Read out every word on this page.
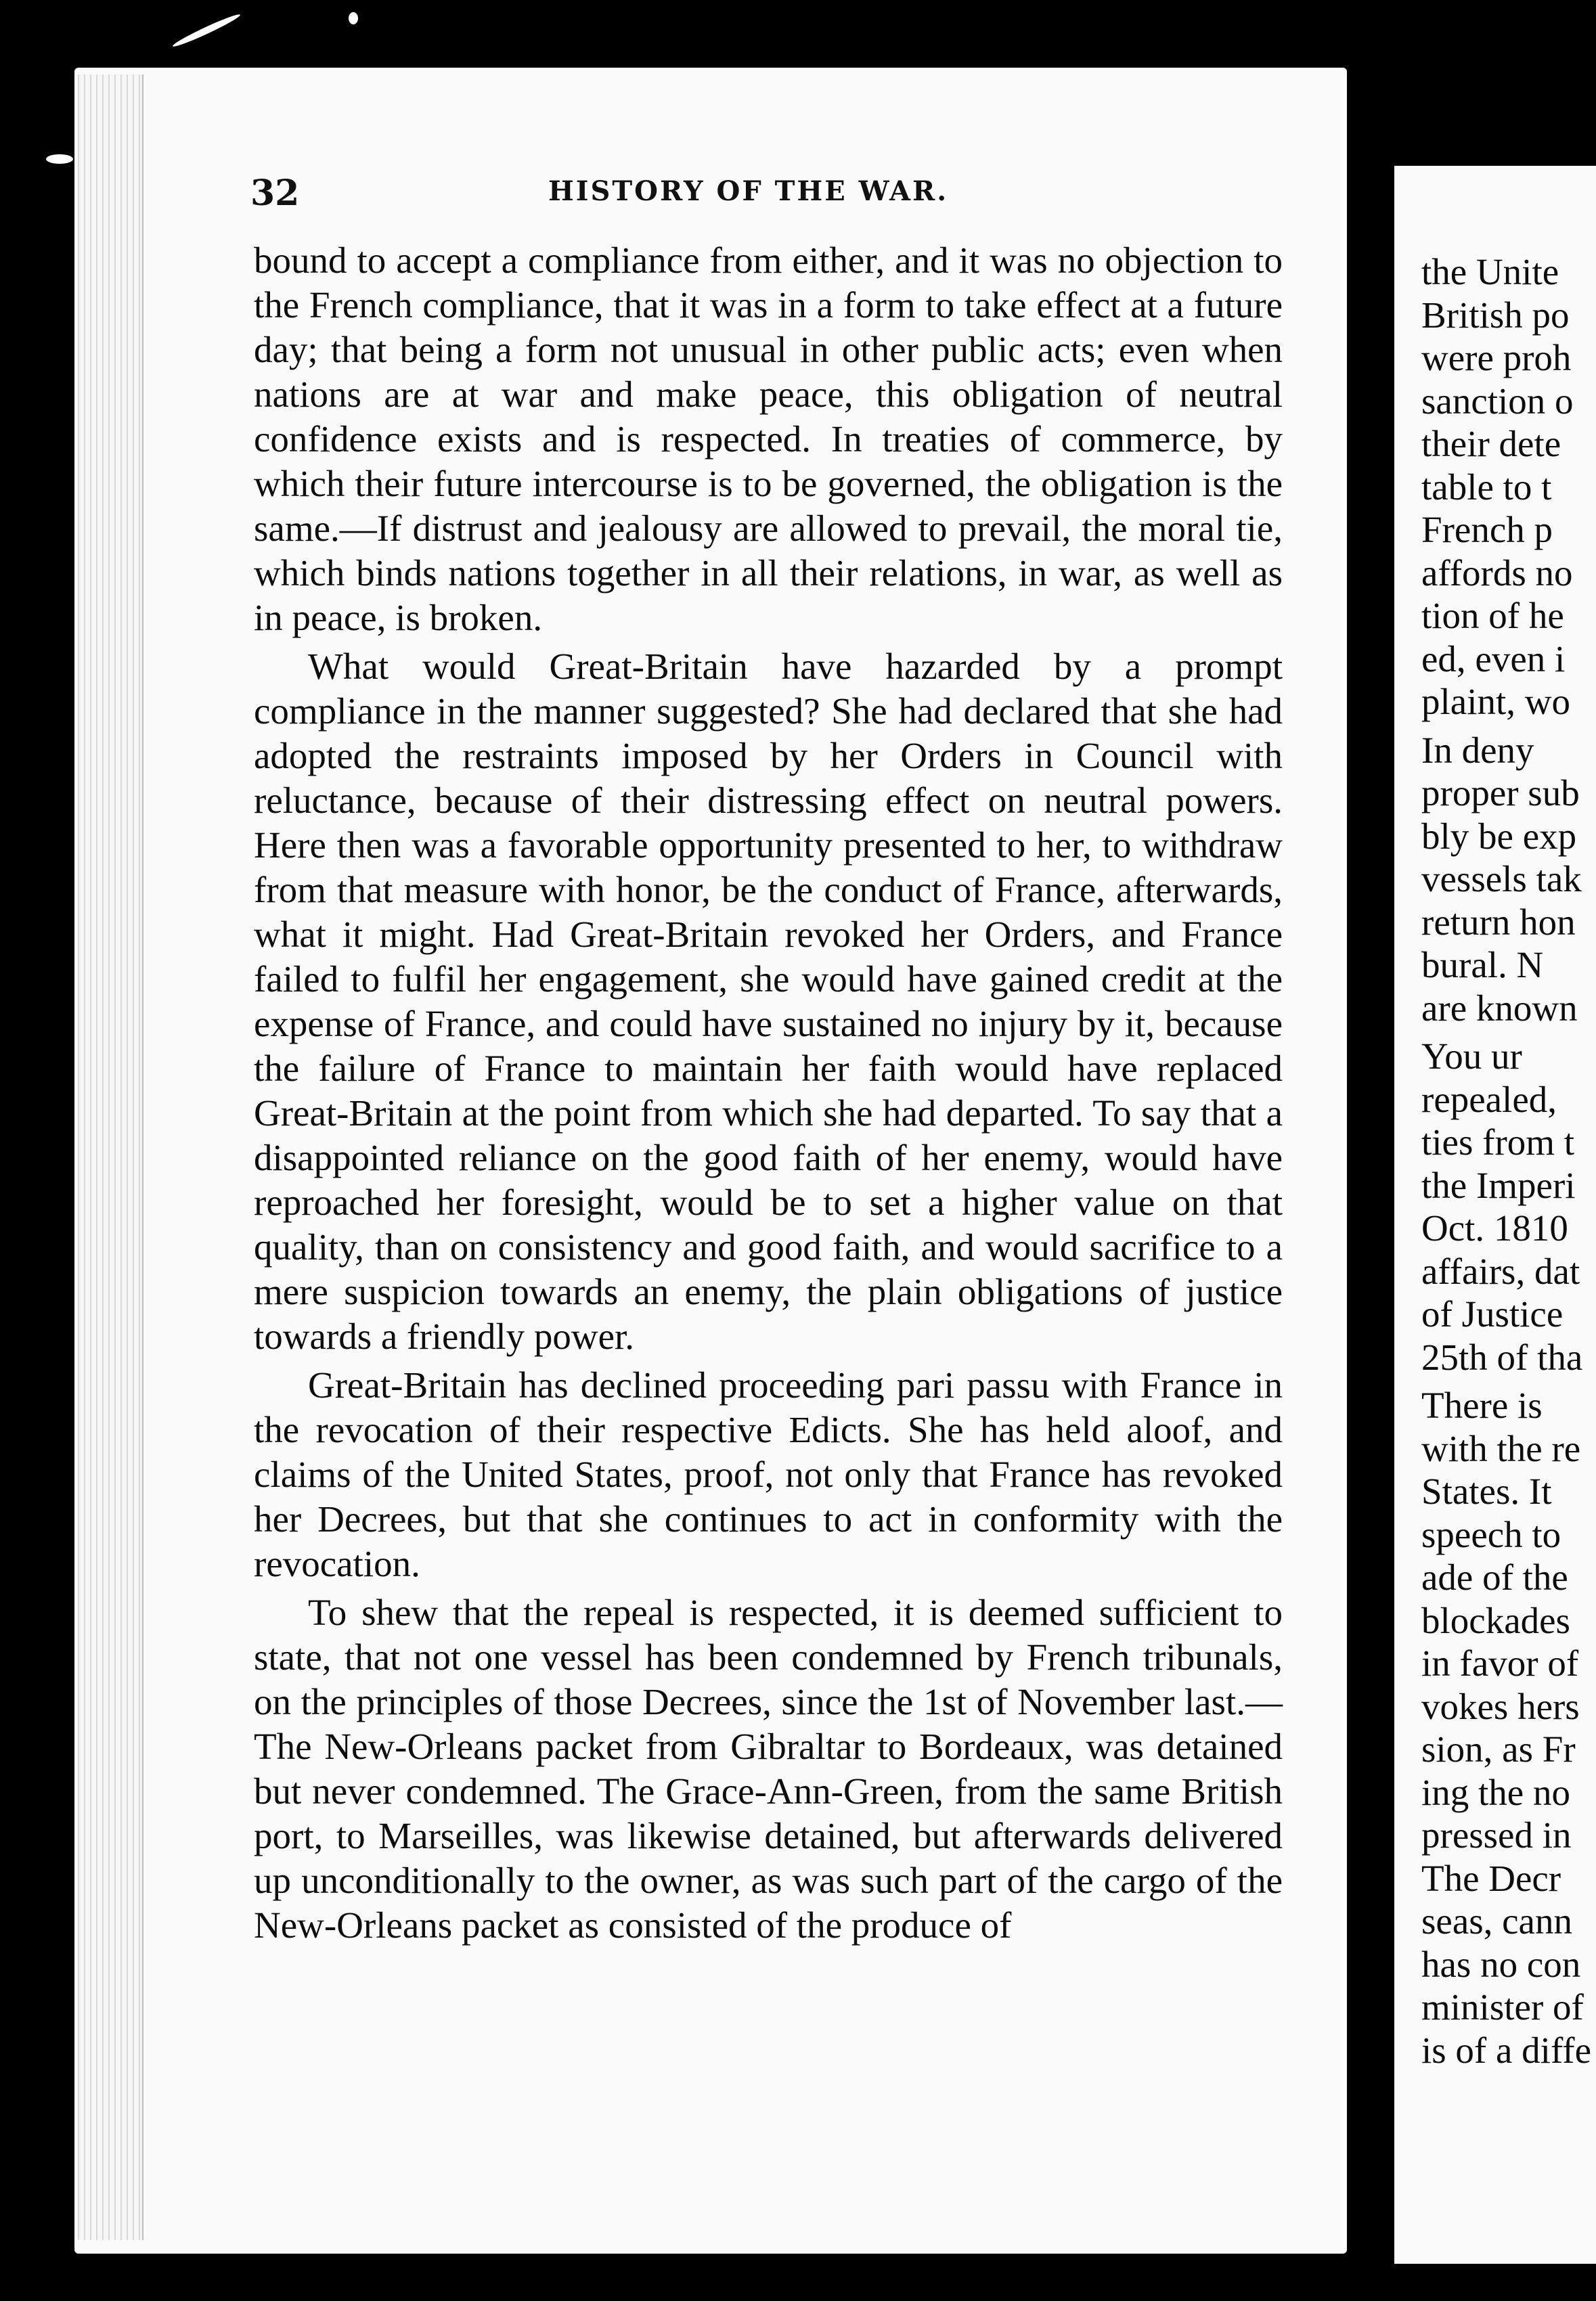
32	HISTORY OF THE WAR.

bound to accept a compliance from either, and it was no objection to the French compliance, that it was in a form to take effect at a future day; that being a form not unusual in other public acts; even when nations are at war and make peace, this obligation of neutral confidence exists and is respected. In treaties of commerce, by which their future intercourse is to be governed, the obligation is the same.—If distrust and jealousy are allowed to prevail, the moral tie, which binds nations together in all their relations, in war, as well as in peace, is broken.

What would Great-Britain have hazarded by a prompt compliance in the manner suggested? She had declared that she had adopted the restraints imposed by her Orders in Council with reluctance, because of their distressing effect on neutral powers. Here then was a favorable opportunity presented to her, to withdraw from that measure with honor, be the conduct of France, afterwards, what it might. Had Great-Britain revoked her Orders, and France failed to fulfil her engagement, she would have gained credit at the expense of France, and could have sustained no injury by it, because the failure of France to maintain her faith would have replaced Great-Britain at the point from which she had departed. To say that a disappointed reliance on the good faith of her enemy, would have reproached her foresight, would be to set a higher value on that quality, than on consistency and good faith, and would sacrifice to a mere suspicion towards an enemy, the plain obligations of justice towards a friendly power.

Great-Britain has declined proceeding pari passu with France in the revocation of their respective Edicts. She has held aloof, and claims of the United States, proof, not only that France has revoked her Decrees, but that she continues to act in conformity with the revocation.

To shew that the repeal is respected, it is deemed sufficient to state, that not one vessel has been condemned by French tribunals, on the principles of those Decrees, since the 1st of November last.—The New-Orleans packet from Gibraltar to Bordeaux, was detained but never condemned. The Grace-Ann-Green, from the same British port, to Marseilles, was likewise detained, but afterwards delivered up unconditionally to the owner, as was such part of the cargo of the New-Orleans packet as consisted of the produce of

the Unite
British po
were proh
sanction o
their dete
table to t
French p
affords no
tion of he
ed, even i
plaint, wo
In deny
proper sub
bly be exp
vessels tak
return hon
bural. N
are known
You ur
repealed,
ties from t
the Imperi
Oct. 1810
affairs, dat
of Justice
25th of tha
There is
with the re
States. It
speech to
ade of the
blockades
in favor of
vokes hers
sion, as Fr
ing the no
pressed in
The Decr
seas, cann
has no con
minister of
is of a diffe
